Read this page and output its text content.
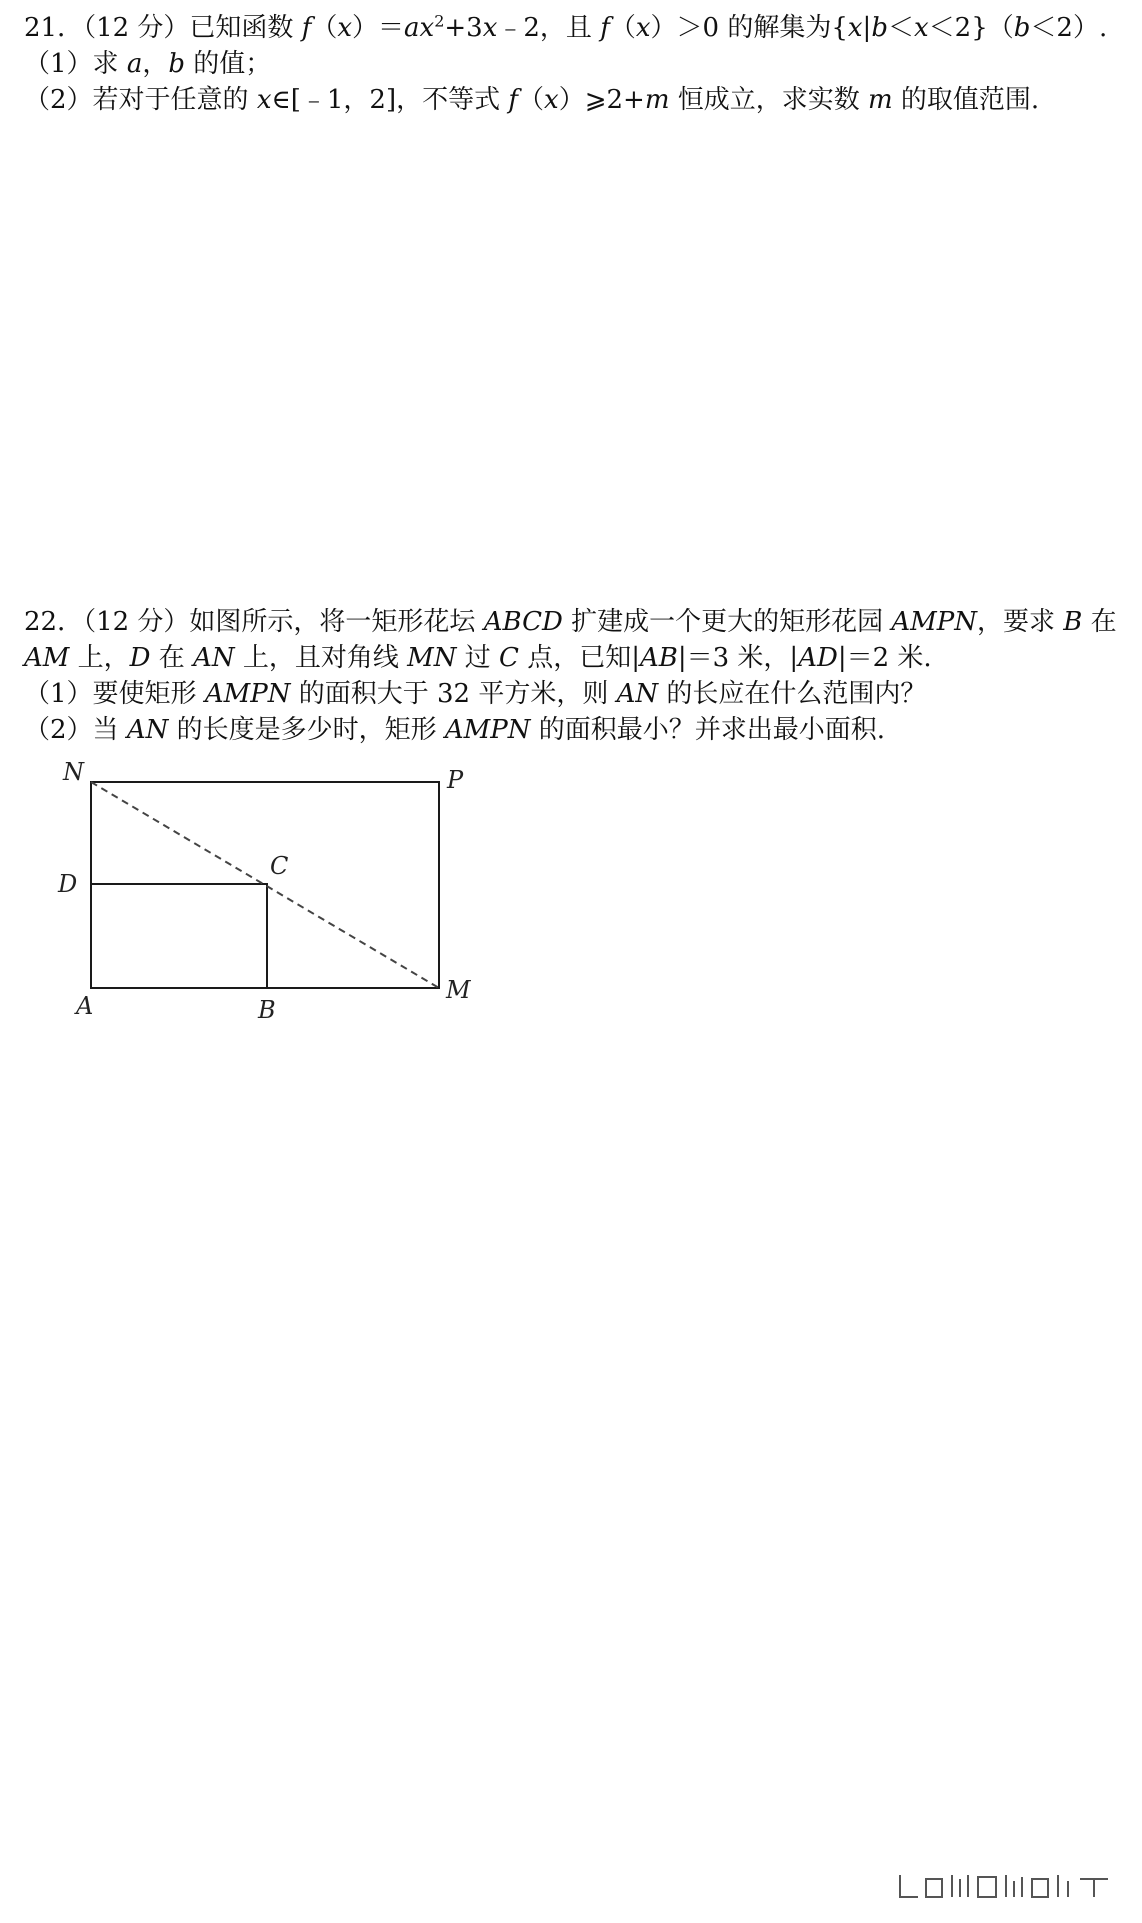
21．（12 分）已知函数 $f(x)=ax^2+3x﹣2$，且 f（x）＞0 的解集为{x|b＜x＜2}（b＜2）.
（1）求 a，b 的值；
（2）若对于任意的 x∈[﹣1，2]，不等式 f（x）⩾2+m 恒成立，求实数 m 的取值范围.
22．（12 分）如图所示，将一矩形花坛 ABCD 扩建成一个更大的矩形花园 AMPN，要求 B 在
AM 上，D 在 AN 上，且对角线 MN 过 C 点，已知|AB|＝3 米，|AD|＝2 米.
（1）要使矩形 AMPN 的面积大于 32 平方米，则 AN 的长应在什么范围内？
（2）当 AN 的长度是多少时，矩形 AMPN 的面积最小？并求出最小面积.
N	P
D
C
A	B
M
